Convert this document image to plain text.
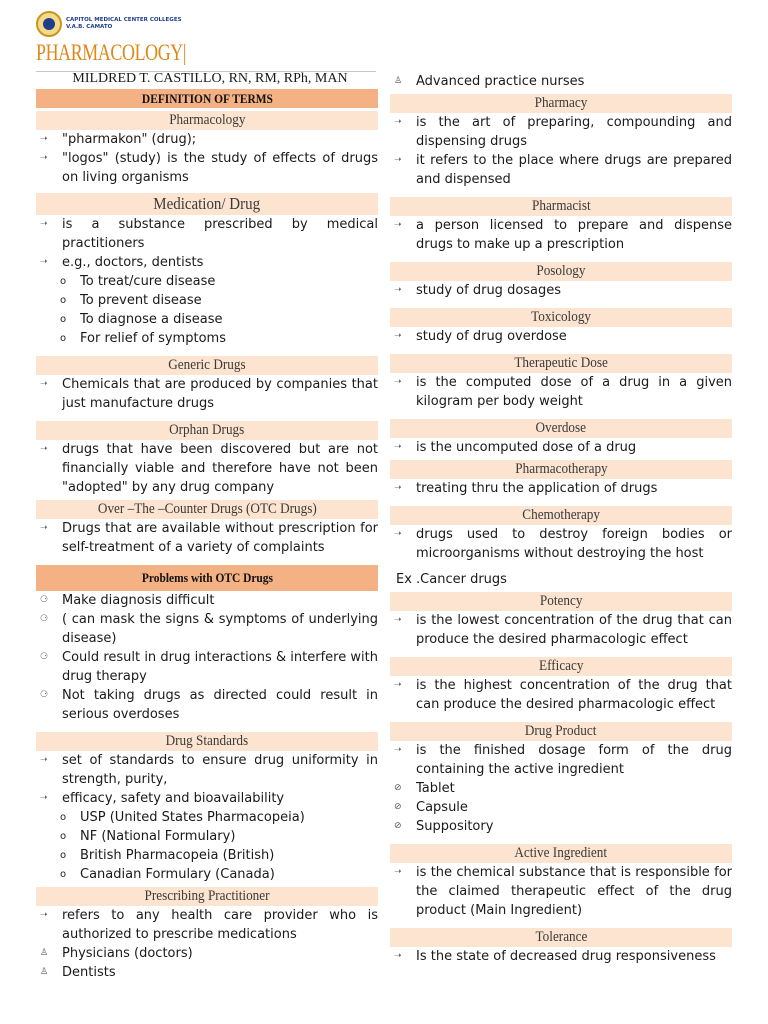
CAPITOL MEDICAL CENTER COLLEGES
V.A.B. CAMATO
PHARMACOLOGY|
MILDRED T. CASTILLO, RN, RM, RPh, MAN
DEFINITION OF TERMS
Pharmacology
➝	"pharmakon" (drug);
➝	"logos" (study) is the study of effects of drugs on living organisms
Medication/ Drug
➝	is a substance prescribed by medical practitioners
➝	e.g., doctors, dentists
o	To treat/cure disease
o	To prevent disease
o	To diagnose a disease
o	For relief of symptoms
Generic Drugs
➝	Chemicals that are produced by companies that just manufacture drugs
Orphan Drugs
➝	drugs that have been discovered but are not financially viable and therefore have not been "adopted" by any drug company
Over –The –Counter Drugs (OTC Drugs)
➝	Drugs that are available without prescription for self-treatment of a variety of complaints
Problems with OTC Drugs
⚆	Make diagnosis difficult
⚆	( can mask the signs & symptoms of underlying disease)
⚆	Could result in drug interactions & interfere with drug therapy
⚆	Not taking drugs as directed could result in serious overdoses
Drug Standards
➝	set of standards to ensure drug uniformity in strength, purity,
➝	efficacy, safety and bioavailability
o	USP (United States Pharmacopeia)
o	NF (National Formulary)
o	British Pharmacopeia (British)
o	Canadian Formulary (Canada)
Prescribing Practitioner
➝	refers to any health care provider who is authorized to prescribe medications
♙	Physicians (doctors)
♙	Dentists
♙	Advanced practice nurses
Pharmacy
➝	is the art of preparing, compounding and dispensing drugs
➝	it refers to the place where drugs are prepared and dispensed
Pharmacist
➝	a person licensed to prepare and dispense drugs to make up a prescription
Posology
➝	study of drug dosages
Toxicology
➝	study of drug overdose
Therapeutic Dose
➝	is the computed dose of a drug in a given kilogram per body weight
Overdose
➝	is the uncomputed dose of a drug
Pharmacotherapy
➝	treating thru the application of drugs
Chemotherapy
➝	drugs used to destroy foreign bodies or microorganisms without destroying the host
Ex .Cancer drugs
Potency
➝	is the lowest concentration of the drug that can produce the desired pharmacologic effect
Efficacy
➝	is the highest concentration of the drug that can produce the desired pharmacologic effect
Drug Product
➝	is the finished dosage form of the drug containing the active ingredient
⊘	Tablet
⊘	Capsule
⊘	Suppository
Active Ingredient
➝	is the chemical substance that is responsible for the claimed therapeutic effect of the drug product (Main Ingredient)
Tolerance
➝	Is the state of decreased drug responsiveness
